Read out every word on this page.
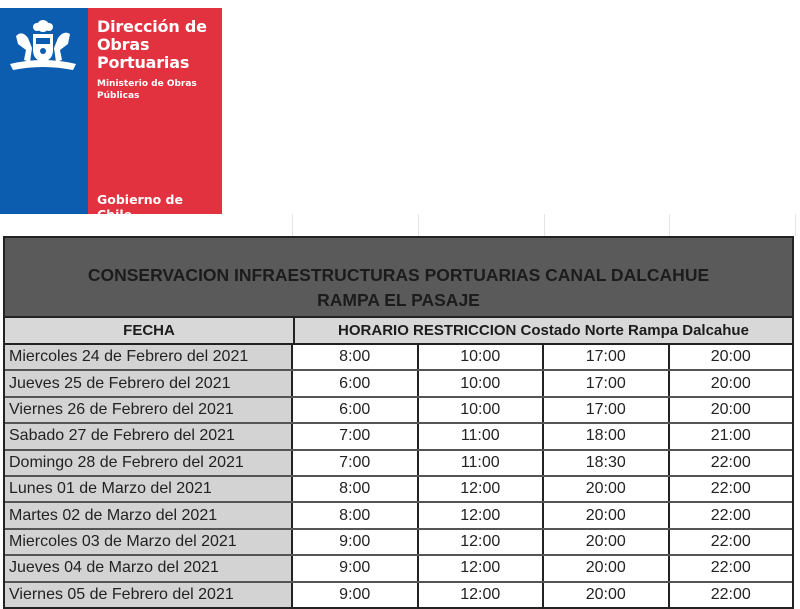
Dirección de
Obras
Portuarias
Ministerio de Obras
Públicas
Gobierno de Chile
CONSERVACION INFRAESTRUCTURAS PORTUARIAS CANAL DALCAHUE
RAMPA EL PASAJE
FECHA	HORARIO RESTRICCION Costado Norte Rampa Dalcahue
Miercoles 24 de Febrero del 2021	8:00	10:00	17:00	20:00
Jueves 25 de Febrero del 2021	6:00	10:00	17:00	20:00
Viernes 26 de Febrero del 2021	6:00	10:00	17:00	20:00
Sabado 27 de Febrero del 2021	7:00	11:00	18:00	21:00
Domingo 28 de Febrero del 2021	7:00	11:00	18:30	22:00
Lunes 01 de Marzo del 2021	8:00	12:00	20:00	22:00
Martes 02 de Marzo del 2021	8:00	12:00	20:00	22:00
Miercoles 03 de Marzo del 2021	9:00	12:00	20:00	22:00
Jueves 04 de Marzo del 2021	9:00	12:00	20:00	22:00
Viernes 05 de Febrero del 2021	9:00	12:00	20:00	22:00
